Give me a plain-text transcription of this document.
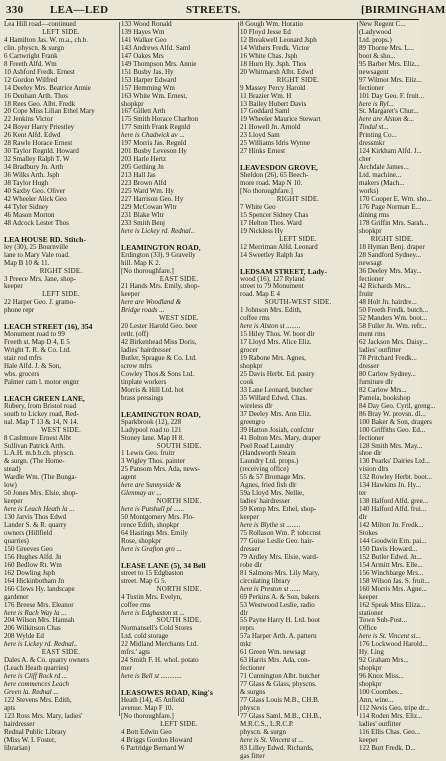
330 LEA—LED	STREETS.	[BIRMINGHAM
Lea Hill road—continued
LEFT SIDE.
4 Hamilton Jas. W. m.a., ch.b.
clin. physcn. & surgn
6 Cartwright Frank
8 Freeth Alfd. Wm
10 Ashford Fredk. Ernest
12 Gordon Wilfred
14 Deeley Mrs. Beatrice Annie
16 Denham Arth. Thos
18 Rees Geo. Albt. Fredk
20 Cope Miss Lilian Ethel Mary
22 Jenkins Victor
24 Boyer Harry Priestley
26 Kent Alfd. Edwd
28 Rawle Horace Ernest
30 Taylor Regnld. Howard
32 Smalley Ralph T. W
34 Bradbury Jn. Arth
36 Wilks Arth. Jsph
38 Taylor Hugh
40 Saxby Geo. Oliver
42 Wheeler Alick Geo
44 Tyler Sidney
46 Mason Morton
48 Adcock Lester Thos

LEA HOUSE RD. Stitch-
ley (30), 25 Bournville
lane to Mary Vale road.
Map B 10 & 11.
RIGHT SIDE.
3 Preece Mrs. Jane, shop-
keeper
LEFT SIDE.
22 Harper Geo. J. gramo-
phone repr

LEACH STREET (16), 354
Monument road to 99
Freeth st. Map D 4, E 5
Wright T. R. & Co. Ltd.
stair rod mfrs
Hale Alfd. J. & Son,
wbs. grocers
Palmer cam l. motor engnr

LEACH GREEN LANE,
Rubery, from Bristol road
south to Lickey road, Red-
nal. Map T 13 & 14, N 14.
WEST SIDE.
8 Cashmore Ernest Albt
Sullivan Patrick Arth.
L.A.H. m.b.b.ch. physcn.
& surgn. (The Home-
stead)
Wardle Wm. (The Bunga-
low)
50 Jones Mrs. Elsie, shop-
keeper
here is Leach Heath la ...
130 Jarvis Thos Edwd
Lander S. & R. quarry
owners (Hillfield
quarries)
150 Greeves Geo
156 Hughes Alfd. Jn
160 Bedlow Rt. Wm
162 Dowling Jsph
164 Hickinbotham Jn
166 Clews Hy. landscape
gardener
176 Breese Mrs. Eleanor
here is Rach Way la ...
204 Wilson Mrs. Hannah
206 Wilkinson Chas
208 Wylde Ed
here is Lickey rd. Rednal..
EAST SIDE.
Dales A. & Co. quarry owners
(Leach Heath quarries)
here is Cliff Rock rd ...
here commences Leach
Green la. Rednal ...
122 Stevens Mrs. Edith,
apts
123 Ross Mrs. Mary, ladies'
hairdresser
Rednal Public Library
(Miss W. I. Foster,
librarian)
133 Wood Ronald
139 Hayes Wm
141 Walker Geo
143 Andrews Alfd. Saml
147 Oakes Mrs
149 Thompson Mrs. Annie
151 Busby Jas. Hy
153 Harper Edward
157 Hemming Wm
163 White Wm. Ernest,
shopkpr
167 Gillett Arth
175 Smith Horace Charlton
177 Smith Frank Regnld
here is Chadwick av ...
197 Morris Jas. Regnld
201 Busby Leveson Hy
203 Harle Hertz
205 Gething Jn
213 Hall Jas
223 Brown Alfd
225 Ward Wm. Hy
227 Harrison Geo. Hy
229 McCowan Wltr
231 Blake Wltr
233 Smith Benj
here is Lickey rd. Rednal..

LEAMINGTON ROAD,
Erdington (33), 9 Gravelly
hill. Map K 2.
[No thoroughfare.]
EAST SIDE.
21 Hands Mrs. Emily, shop-
keeper
here are Woodland &
Bridge roads ...
WEST SIDE.
20 Lester Harold Geo. beer
retlr. (off)
42 Birkenhead Miss Doris,
ladies' hairdresser
Butler, Sprague & Co. Ltd.
screw mfrs
Cowley Thos.& Sons Ltd.
tinplate workers
Morris & Hill Ltd. hot
brass pressings

LEAMINGTON ROAD,
Sparkbrook (12), 228
Ladypool road to 121
Stoney lane. Map H 8.
SOUTH SIDE.
1 Lewis Geo. fruitr
3 Wigley Thos. painter
25 Pansom Mrs. Ada, news-
agent
here are Sunnyside &
Glenmay av ...
NORTH SIDE.
here is Putshull pl ......
50 Montgomery Mrs. Flo-
rence Edith, shopkpr
64 Hastings Mrs. Emily
Rose, shopkpr
here is Grafton gro ...

LEASE LANE (5), 34 Bell
street to 15 Edgbaston
street. Map G 5.
NORTH SIDE.
4 Tustin Mrs. Evelyn,
coffee rms
here is Edgbaston st ...
SOUTH SIDE.
Normansell's Cold Stores
Ltd. cold storage
22 Midland Merchants Ltd.
mfrs.' agts
24 Smith F. H. whol. potato
mer
here is Bell st ............

LEASOWES ROAD, King's
Heath (14), 45 Anfield
avenue. Map F 10.
[No thoroughfare.]
LEFT SIDE.
4 Bott Edwin Geo
4 Briggs Gordon Howard
6 Partridge Bernard W
8 Gough Wm. Horatio
10 Floyd Jesse Ed
12 Breakwell Leonard Jsph
14 Withers Fredk. Victor
16 White Chas. Jsph
18 Hurn Hy. Jsph. Thos
20 Whitmarsh Albt. Edwd
RIGHT SIDE.
9 Massey Percy Harold
11 Brazier Wm. H
13 Bailey Hubert Davis
17 Goddard Saml
19 Wheeler Maurice Stewart
21 Howell Jn. Arnold
23 Lloyd Sam
25 Williams Idris Wynne
27 Hinks Ernest

LEAVESDON GROVE,
Sheldon (26), 65 Beech-
more road. Map N 10.
[No thoroughfare.]
RIGHT SIDE.
7 White Geo
15 Spencer Sidney Chas
17 Helton Thos. Ward
19 Nickless Hy
LEFT SIDE.
12 Merriman Alfd. Leonard
14 Sweetley Ralph Jas

LEDSAM STREET, Lady-
wood (16), 127 Ryland
street to 79 Monument
road. Map E 4
SOUTH-WEST SIDE.
1 Johnson Mrs. Edith,
coffee rms
here is Alston st ........
15 Hiley Thos. W. boot dlr
17 Lloyd Mrs. Alice Eliz.
grocer
19 Rabone Mrs. Agnes,
shopkpr
25 Davis Herbt. Ed. pastry
cook
33 Lane Leonard, butcher
35 Willard Edwd. Chas.
wireless dlr
37 Deeley Mrs. Ann Eliz.
greengro
39 Hatton Josiah, confctnr
41 Bolton Mrs. Mary, draper
Peel Road Laundry
(Handsworth Steam
Laundry Ltd. props.)
(receiving office)
55 & 57 Bromage Mrs.
Agnes, fried fish dlr
59a Lloyd Mrs. Nellie,
ladies' hairdresser
59 Kemp Mrs. Ethel, shop-
keeper
here is Blythe st ........
75 Rollason Wm. P. tobccnst
77 Guise Leslie Geo. hair-
dresser
79 Ardley Mrs. Elsie, ward-
robe dlr
81 Salmons Mrs. Lily Mary,
circulating library
here is Preston st ......
69 Perkins A. & Son, bakers
53 Westwood Leslie, radio
dlr
55 Payne Harry H. Ltd. boot
reprs
57a Harper Arth. A. pattern
mkr
61 Green Wm. newsagt
63 Harris Mrs. Ada, con-
fectioner
71 Cunnington Albt. butcher
77 Glass & Glass, physcns.
& surgns
77 Glass Louis M.B., CH.B.
physcn
77 Glass Saml. M.B., CH.B.,
M.R.C.S., L.R.C.P.
physcn. & surgn
here is St. Vincent st ...
83 Lilley Edwd. Richards,
gas fitter
New Regent C...
(Ladywood
Ltd. props.)
89 Thorne Mrs. L...
boot & sho...
95 Barber Mrs. Eliz...
newsagent
97 Wilmot Mrs. Eliz...
fectioner
101 Day Geo. F. fruit...
here is Ryl...
St. Margaret's Chur...
here are Alston &...
Tindal st...
Printing Co...
dressmkr
124 Kirkham Alfd. J...
cher
Archdale James...
Ltd. machine...
makers (Mach...
works)
170 Cooper E. Wm. sho...
176 Page Norman E...
dining rms
178 Griffin Mrs. Sarah...
shopkpr
RIGHT SIDE.
18 Hyman Benj. draper
28 Sandford Sydney...
newsagt
36 Deeley Mrs. May...
fectioner
42 Richards Mrs...
fruitr
48 Holt Jn. hairdre...
50 Freeth Fredk. butch...
52 Manders Wm. boot...
58 Fuller Jn. Wm. refr...
ment rms
62 Jackson Mrs. Daisy...
ladies' outfitter
78 Pritchard Fredk...
dresser
80 Carlow Sydney...
furniture dlr
82 Carlow Mrs...
Pamela, bookshop
84 Day Geo. Cyril, greng...
86 Bray W. provsn. dl...
100 Baker & Son, dragers
100 Griffiths Geo. Ed...
fectioner
128 Smith Mrs. May...
shoe dlr
130 Pearks' Dairies Ltd...
vision dlrs
132 Rowley Herbt. boot...
134 Hawkins Jn. Hy...
ter
138 Halford Alfd. gree...
140 Halford Alfd. frui...
dlr
142 Milton Jn. Fredk...
Stokes
144 Goodwin Ern. pai...
150 Davis Howard...
152 Butler Edwd. Jn...
154 Armitt Mrs. Elle...
156 Winchbarge Mrs...
158 Wilson Jas. S. fruit...
160 Morris Mrs. Agne...
keeper
162 Speak Miss Eliza...
stationer
Town Sub-Post...
Office
here is St. Vincent st...
176 Lockwood Harold...
Hy. Ling
92 Graham Mrs...
shopkpr
96 Knox Miss...
shopkpr
100 Coombes...
Ann, wine...
112 Nevis Geo. tripe dr...
114 Roden Mrs. Eliz...
ladies' outfitter
116 Ellis Chas. Geo...
keeper
122 Burt Fredk. D...
